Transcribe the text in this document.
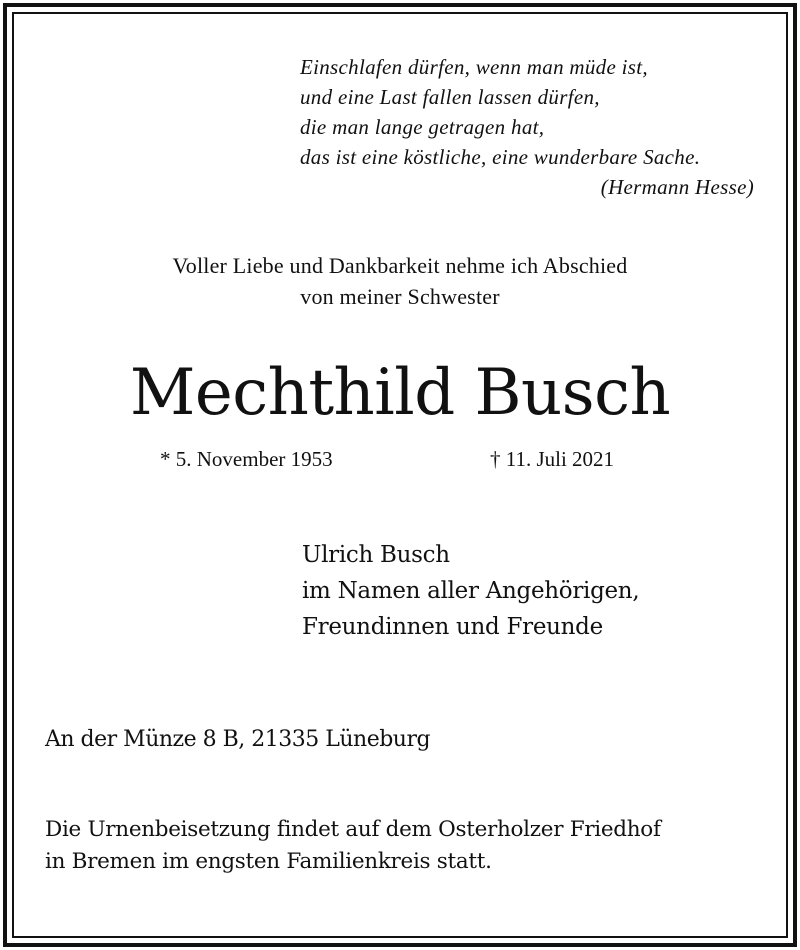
Einschlafen dürfen, wenn man müde ist,
und eine Last fallen lassen dürfen,
die man lange getragen hat,
das ist eine köstliche, eine wunderbare Sache.
(Hermann Hesse)
Voller Liebe und Dankbarkeit nehme ich Abschied
von meiner Schwester
Mechthild Busch
* 5. November 1953	† 11. Juli 2021
Ulrich Busch
im Namen aller Angehörigen,
Freundinnen und Freunde
An der Münze 8 B, 21335 Lüneburg
Die Urnenbeisetzung findet auf dem Osterholzer Friedhof
in Bremen im engsten Familienkreis statt.
